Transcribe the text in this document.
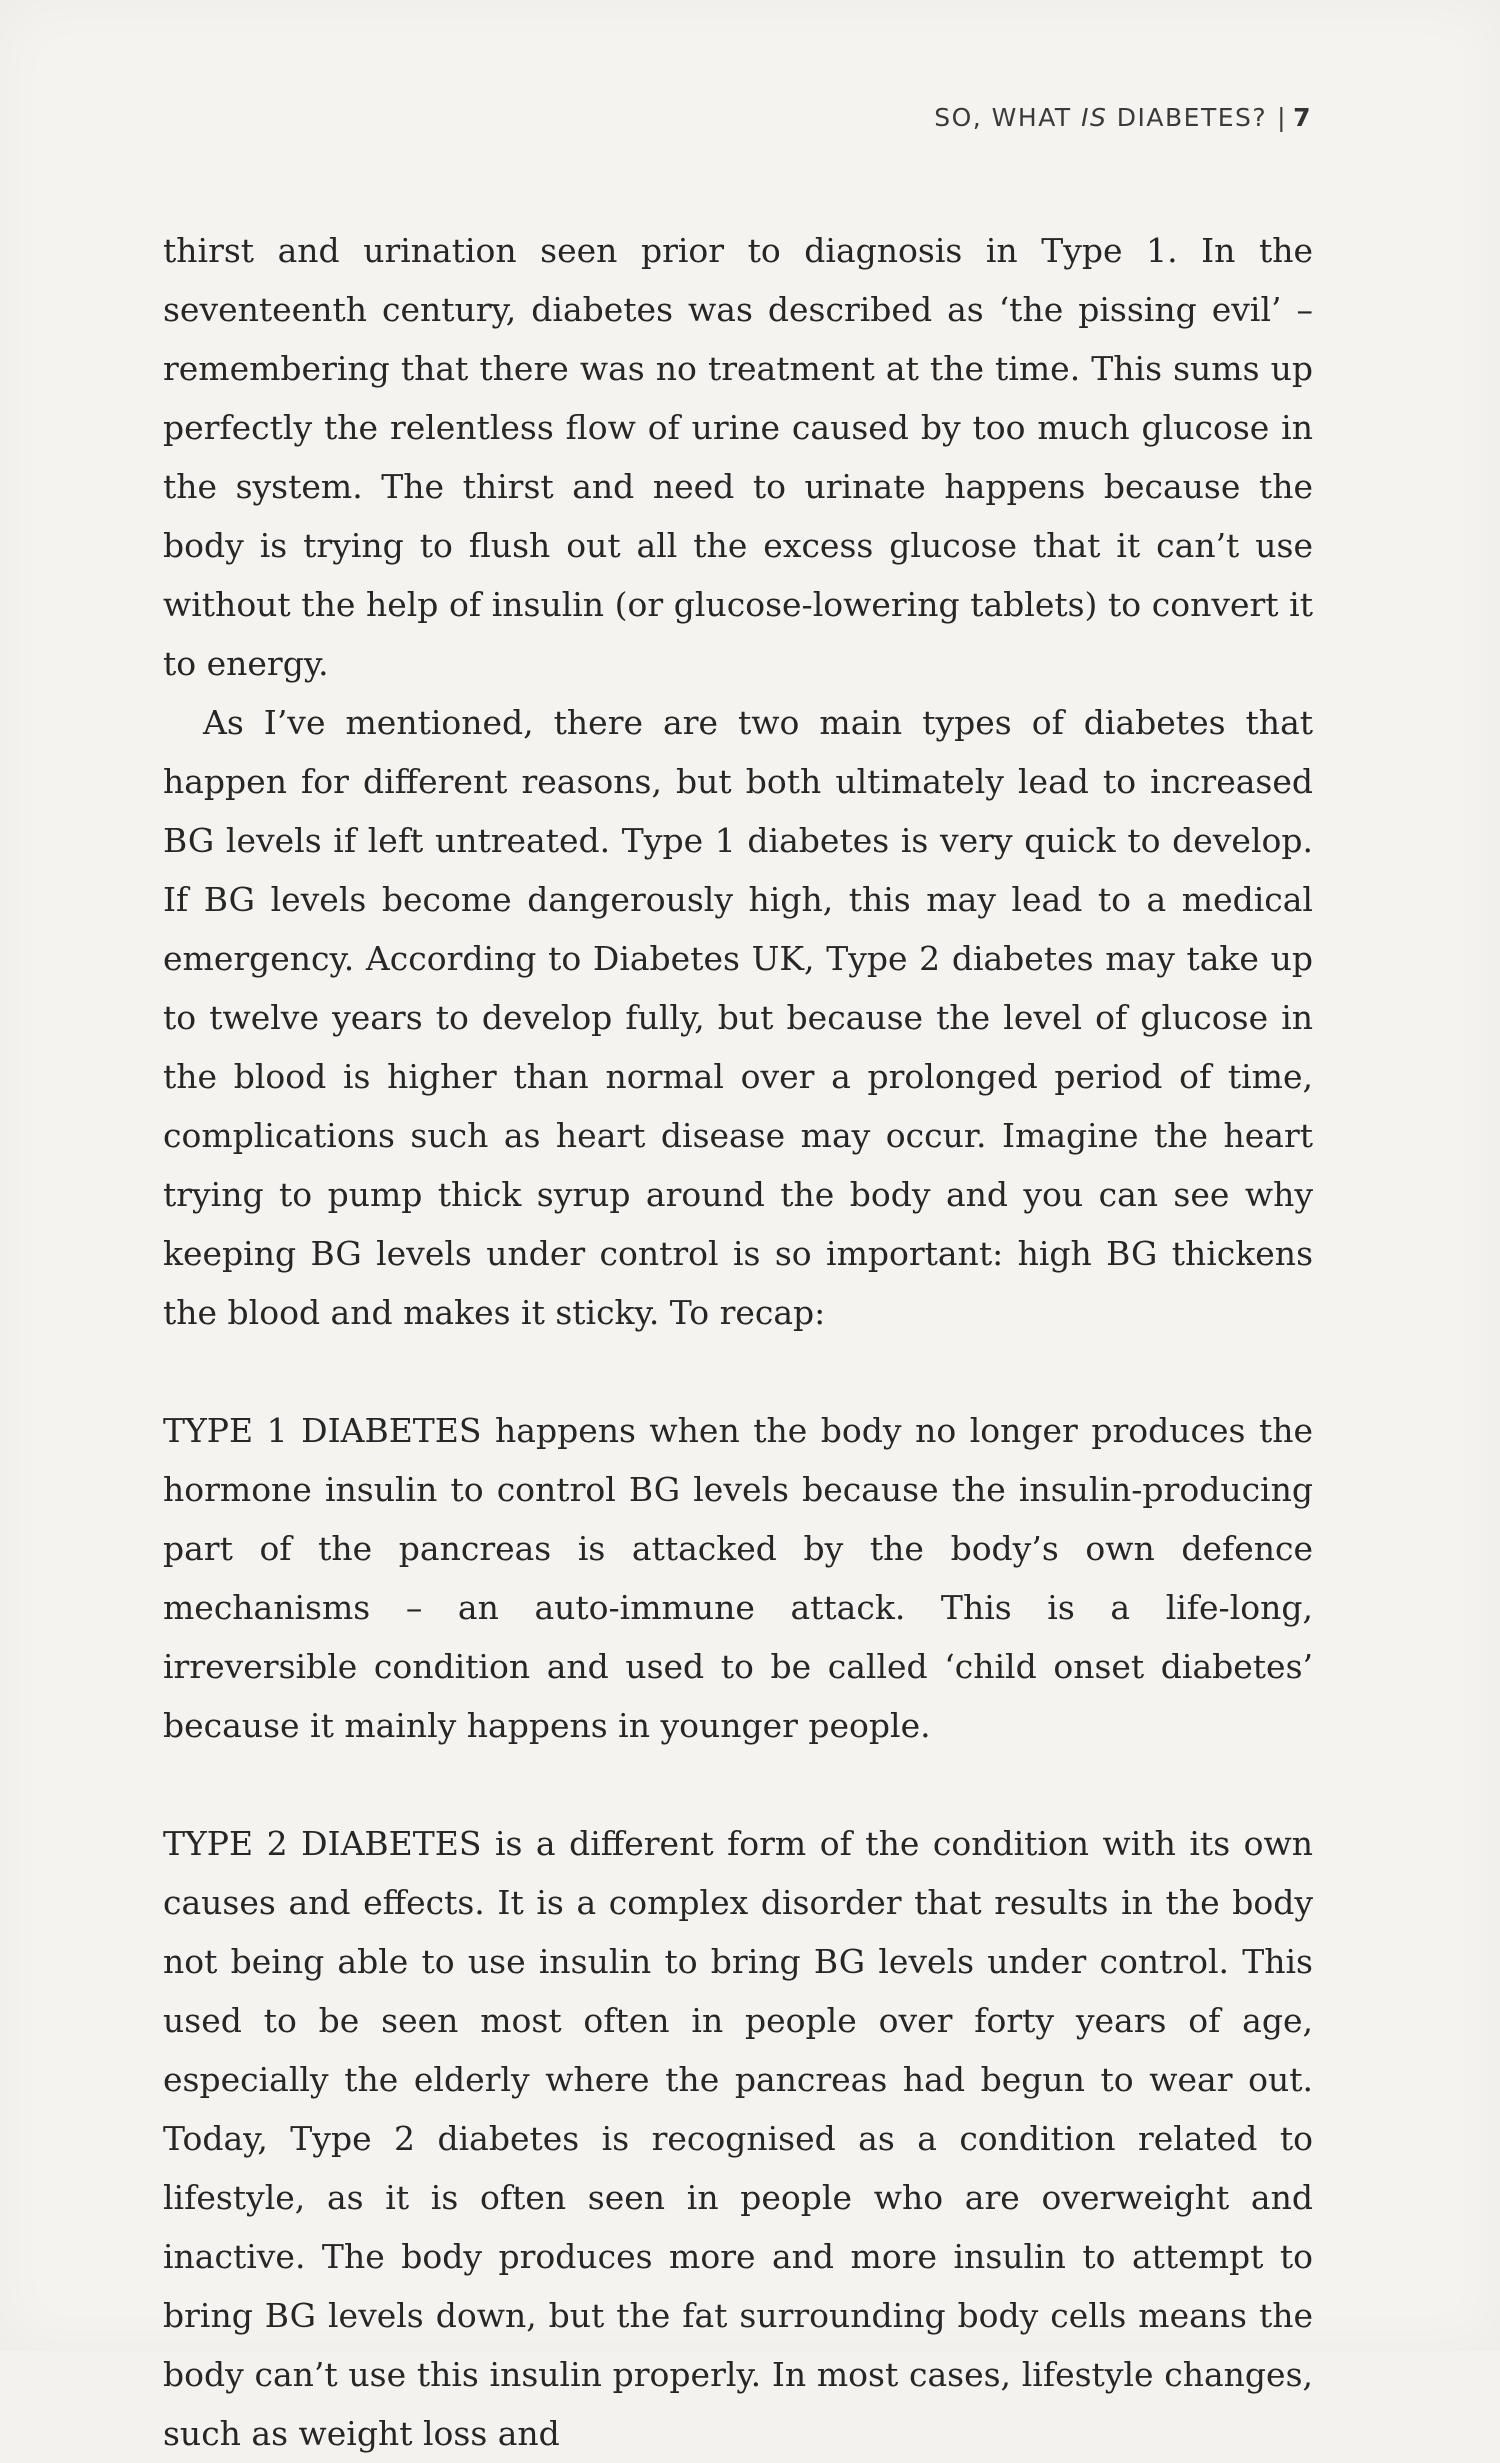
SO, WHAT IS DIABETES? | 7

thirst and urination seen prior to diagnosis in Type 1. In the seventeenth century, diabetes was described as ‘the pissing evil’ – remembering that there was no treatment at the time. This sums up perfectly the relentless flow of urine caused by too much glucose in the system. The thirst and need to urinate happens because the body is trying to flush out all the excess glucose that it can’t use without the help of insulin (or glucose-lowering tablets) to convert it to energy.

As I’ve mentioned, there are two main types of diabetes that happen for different reasons, but both ultimately lead to increased BG levels if left untreated. Type 1 diabetes is very quick to develop. If BG levels become dangerously high, this may lead to a medical emergency. According to Diabetes UK, Type 2 diabetes may take up to twelve years to develop fully, but because the level of glucose in the blood is higher than normal over a prolonged period of time, complications such as heart disease may occur. Imagine the heart trying to pump thick syrup around the body and you can see why keeping BG levels under control is so important: high BG thickens the blood and makes it sticky. To recap:

TYPE 1 DIABETES happens when the body no longer produces the hormone insulin to control BG levels because the insulin-producing part of the pancreas is attacked by the body’s own defence mechanisms – an auto-immune attack. This is a life-long, irreversible condition and used to be called ‘child onset diabetes’ because it mainly happens in younger people.

TYPE 2 DIABETES is a different form of the condition with its own causes and effects. It is a complex disorder that results in the body not being able to use insulin to bring BG levels under control. This used to be seen most often in people over forty years of age, especially the elderly where the pancreas had begun to wear out. Today, Type 2 diabetes is recognised as a condition related to lifestyle, as it is often seen in people who are overweight and inactive. The body produces more and more insulin to attempt to bring BG levels down, but the fat surrounding body cells means the body can’t use this insulin properly. In most cases, lifestyle changes, such as weight loss and
